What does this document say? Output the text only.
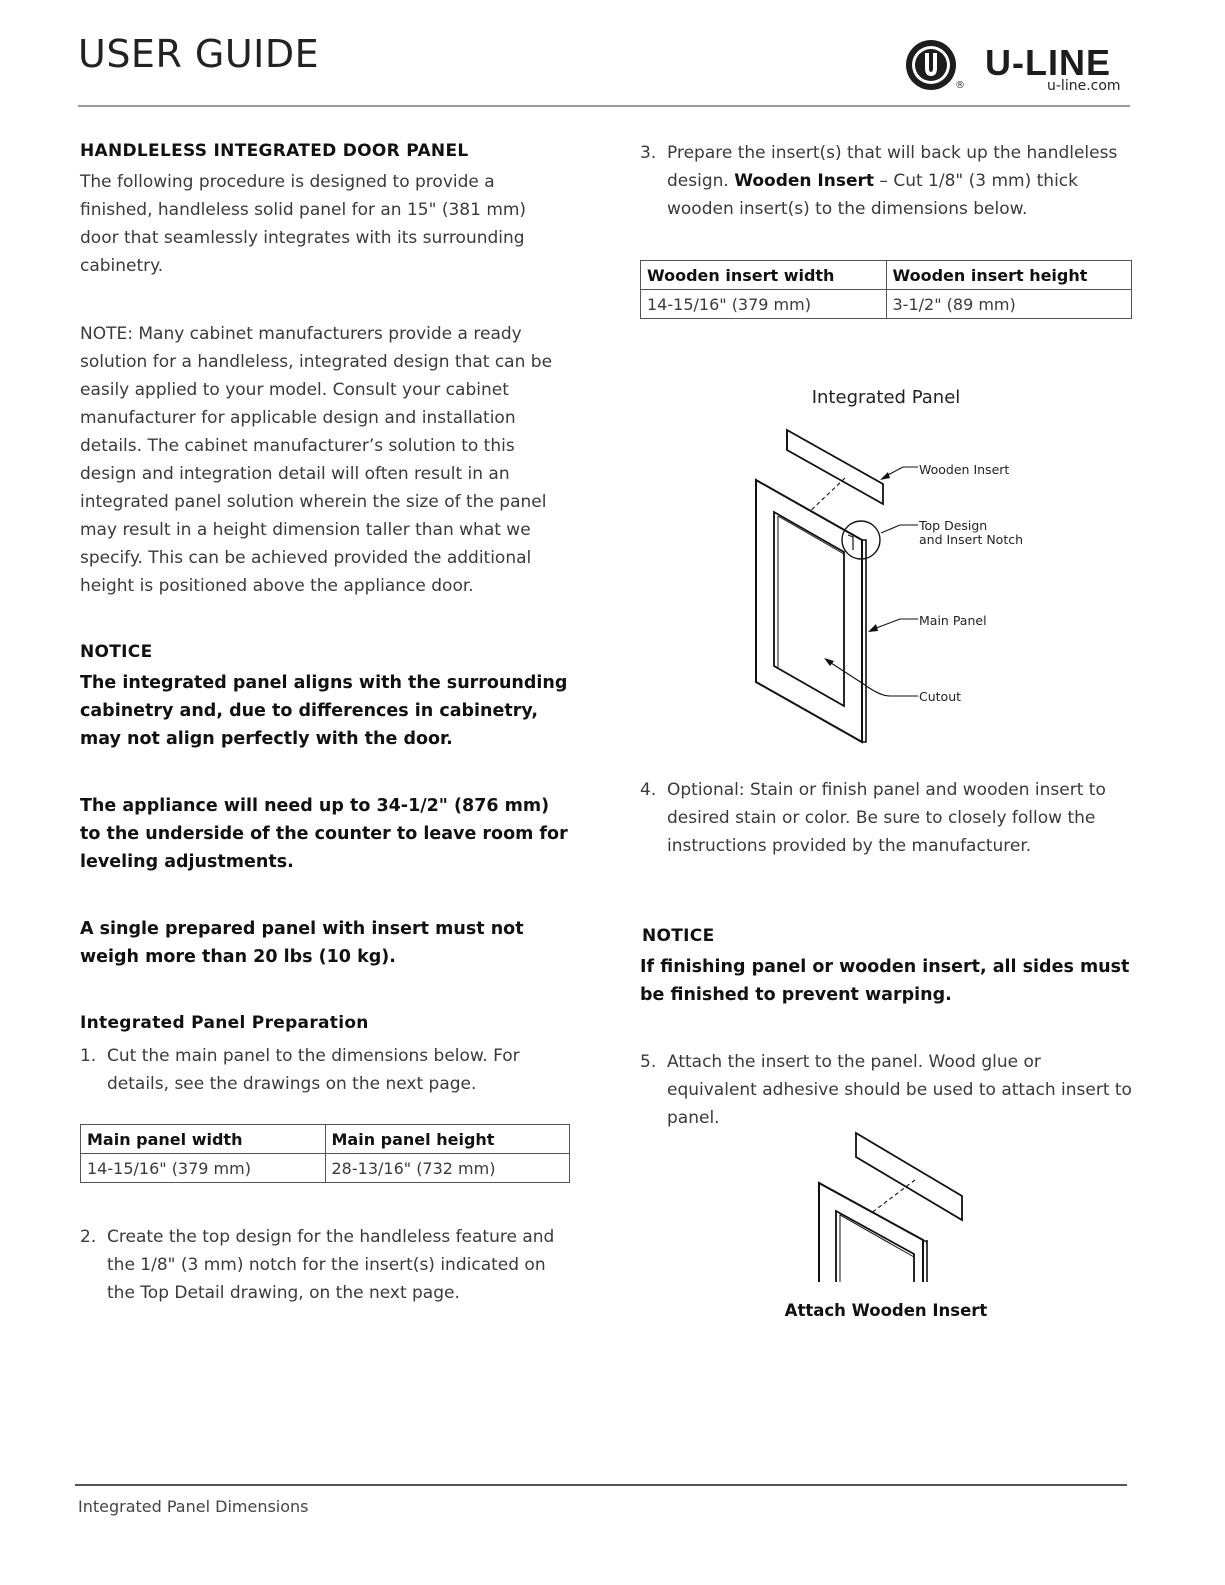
USER GUIDE
®
U-LINE
u-line.com

HANDLELESS INTEGRATED DOOR PANEL

The following procedure is designed to provide a finished, handleless solid panel for an 15" (381 mm) door that seamlessly integrates with its surrounding cabinetry.

NOTE: Many cabinet manufacturers provide a ready solution for a handleless, integrated design that can be easily applied to your model. Consult your cabinet manufacturer for applicable design and installation details. The cabinet manufacturer’s solution to this design and integration detail will often result in an integrated panel solution wherein the size of the panel may result in a height dimension taller than what we specify. This can be achieved provided the additional height is positioned above the appliance door.

NOTICE

The integrated panel aligns with the surrounding cabinetry and, due to differences in cabinetry, may not align perfectly with the door.

The appliance will need up to 34-1/2" (876 mm) to the underside of the counter to leave room for leveling adjustments.

A single prepared panel with insert must not weigh more than 20 lbs (10 kg).

Integrated Panel Preparation

1. Cut the main panel to the dimensions below. For details, see the drawings on the next page.
Main panel width	Main panel height
14-15/16" (379 mm)	28-13/16" (732 mm)
2. Create the top design for the handleless feature and the 1/8" (3 mm) notch for the insert(s) indicated on the Top Detail drawing, on the next page.
3. Prepare the insert(s) that will back up the handleless design. Wooden Insert – Cut 1/8" (3 mm) thick wooden insert(s) to the dimensions below.
Wooden insert width	Wooden insert height
14-15/16" (379 mm)	3-1/2" (89 mm)
Integrated Panel
Wooden Insert
Top Design
and Insert Notch
Main Panel
Cutout
4. Optional: Stain or finish panel and wooden insert to desired stain or color. Be sure to closely follow the instructions provided by the manufacturer.

NOTICE

If finishing panel or wooden insert, all sides must be finished to prevent warping.

5. Attach the insert to the panel. Wood glue or equivalent adhesive should be used to attach insert to panel.
Attach Wooden Insert
Integrated Panel Dimensions
